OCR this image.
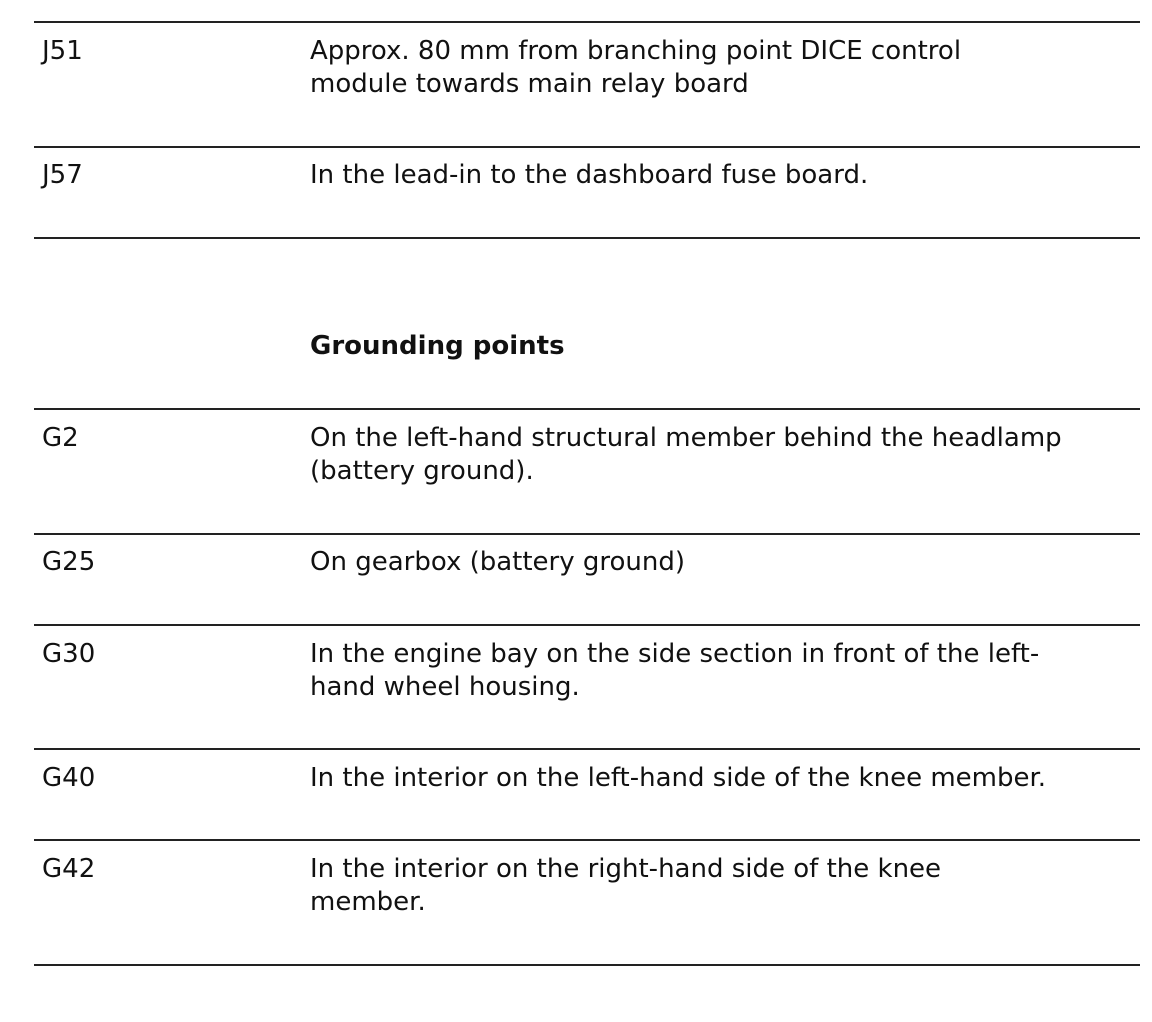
J51	Approx. 80 mm from branching point DICE control
module towards main relay board
J57	In the lead-in to the dashboard fuse board.
Grounding points
G2	On the left-hand structural member behind the headlamp
(battery ground).
G25	On gearbox (battery ground)
G30	In the engine bay on the side section in front of the left-
hand wheel housing.
G40	In the interior on the left-hand side of the knee member.
G42	In the interior on the right-hand side of the knee
member.
